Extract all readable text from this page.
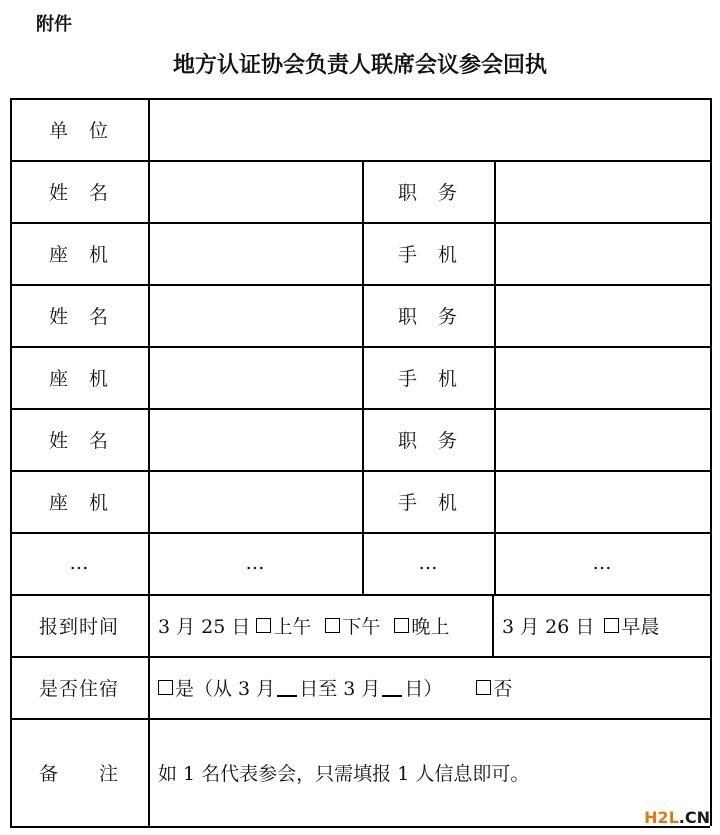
附件
地方认证协会负责人联席会议参会回执
单　位
姓　名	职　务
座　机	手　机
姓　名	职　务
座　机	手　机
姓　名	职　务
座　机	手　机
…	…	…	…
报到时间	3 月 25 日 上午 下午 晚上	3 月 26 日 早晨
是否住宿	是 （从 3 月 日至 3 月 日）	否
备　　注	如 1 名代表参会，只需填报 1 人信息即可。
H2L.CN
